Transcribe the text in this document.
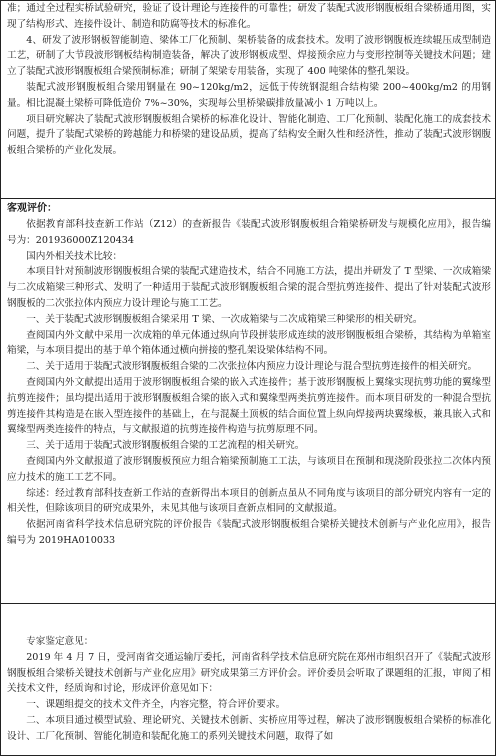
准；通过全过程实桥试验研究，验证了设计理论与连接件的可靠性；研发了装配式波形钢腹板组合梁桥通用图，实现了结构形式、连接件设计、制造和防腐等技术的标准化。

4、研发了波形钢板智能制造、梁体工厂化预制、架桥装备的成套技术。发明了波形钢腹板连续辊压成型制造工艺，研制了大节段波形钢板结构制造装备，解决了波形钢板成型、焊接预余应力与变形控制等关键技术问题；建立了装配式波形钢腹板组合梁预制标准；研制了架梁专用装备，实现了 400 吨梁体的整孔架设。

装配式波形钢腹板组合梁用钢量在 90~120kg/m2，远低于传统钢混组合结构梁 200~400kg/m2 的用钢量。相比混凝土梁桥可降低造价 7%~30%，实现每公里桥梁碳排放量减小 1 万吨以上。

项目研究解决了装配式波形钢腹板组合梁桥的标准化设计、智能化制造、工厂化预制、装配化施工的成套技术问题，提升了装配式梁桥的跨越能力和桥梁的建设品质，提高了结构安全耐久性和经济性，推动了装配式波形钢腹板组合梁桥的产业化发展。

客观评价：

依据教育部科技查新工作站（Z12）的查新报告《装配式波形钢腹板组合箱梁桥研发与规模化应用》，报告编号为：201936000Z120434

国内外相关技术比较：

本项目针对预制波形钢腹板组合梁的装配式建造技术，结合不同施工方法，提出并研发了 T 型梁、一次成箱梁与二次成箱梁三种形式、发明了一种适用于装配式波形钢腹板组合梁的混合型抗剪连接件、提出了针对装配式波形钢腹板的二次张拉体内预应力设计理论与施工工艺。

一、关于装配式波形钢腹板组合梁采用 T 梁、一次成箱梁与二次成箱梁三种梁形的相关研究。

查阅国内外文献中采用一次成箱的单元体通过纵向节段拼装形成连续的波形钢腹板组合梁桥，其结构为单箱室箱梁，与本项目提出的基于单个箱体通过横向拼接的整孔架设梁体结构不同。

二、关于适用于装配式波形钢腹板组合梁的二次张拉体内预应力设计理论与混合型抗剪连接件的相关研究。

查阅国内外文献提出适用于波形钢腹板组合梁的嵌入式连接件；基于波形钢腹板上翼缘实现抗剪功能的翼缘型抗剪连接件；虽均提出适用于波形钢腹板组合梁的嵌入式和翼缘型两类抗剪连接件。而本项目研发的一种混合型抗剪连接件其构造是在嵌入型连接件的基础上，在与混凝土顶板的结合面位置上纵向焊接两块翼缘板，兼具嵌入式和翼缘型两类连接件的特点，与文献报道的抗剪连接件构造与抗剪原理不同。

三、关于适用于装配式波形钢腹板组合梁的工艺流程的相关研究。

查阅国内外文献报道了波形钢腹板预应力组合箱梁预制施工工法，与该项目在预制和现浇阶段张拉二次体内预应力技术的施工工艺不同。

综述：经过教育部科技查新工作站的查新得出本项目的创新点虽从不同角度与该项目的部分研究内容有一定的相关性，但除该项目的研究成果外，未见其他与该项目查新点相同的文献报道。

依据河南省科学技术信息研究院的评价报告《装配式波形钢腹板组合梁桥关键技术创新与产业化应用》，报告编号为 2019HA010033

专家鉴定意见：

2019 年 4 月 7 日，受河南省交通运输厅委托，河南省科学技术信息研究院在郑州市组织召开了《装配式波形钢腹板组合梁桥关键技术创新与产业化应用》研究成果第三方评价会。评价委员会听取了课题组的汇报，审阅了相关技术文件，经质询和讨论，形成评价意见如下：

一、课题组提交的技术文件齐全，内容完整，符合评价要求。

二、本项目通过模型试验、理论研究、关键技术创新、实桥应用等过程，解决了波形钢腹板组合梁桥的标准化设计、工厂化预制、智能化制造和装配化施工的系列关键技术问题，取得了如
